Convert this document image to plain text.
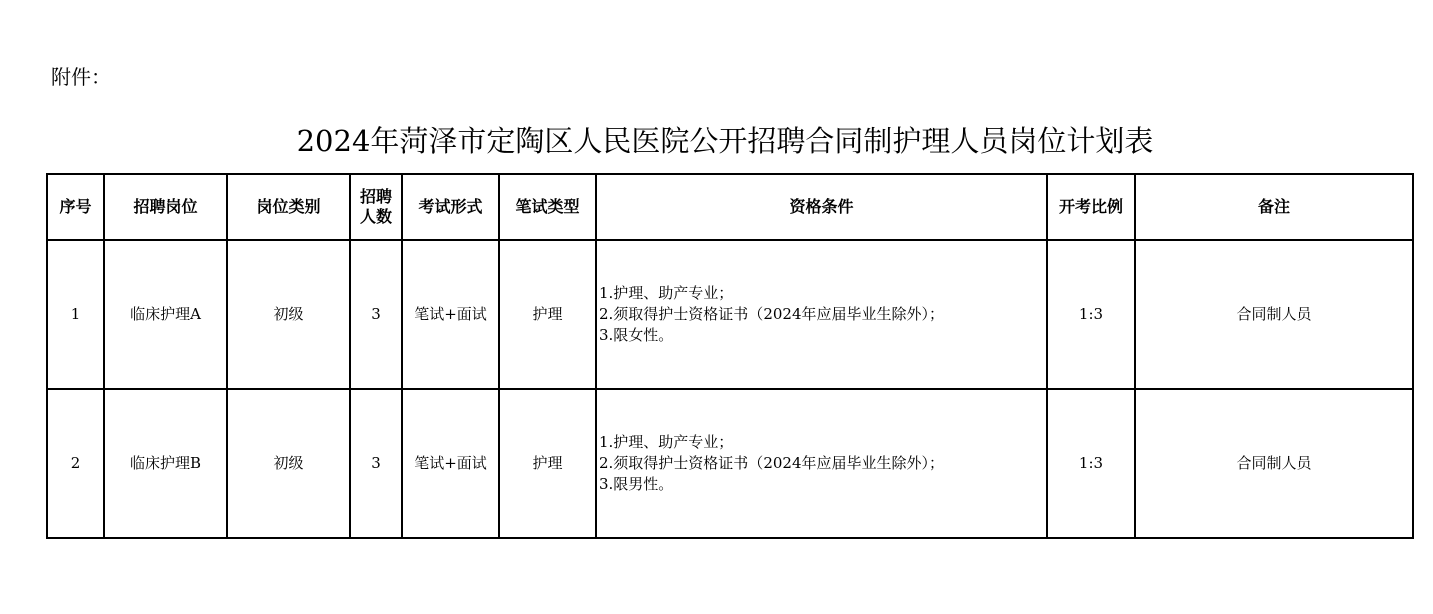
附件：
2024年菏泽市定陶区人民医院公开招聘合同制护理人员岗位计划表
序号	招聘岗位	岗位类别	招聘
人数	考试形式	笔试类型	资格条件	开考比例	备注
1	临床护理A	初级	3	笔试+面试	护理	1.护理、助产专业；
2.须取得护士资格证书（2024年应届毕业生除外）；
3.限女性。	1:3	合同制人员
2	临床护理B	初级	3	笔试+面试	护理	1.护理、助产专业；
2.须取得护士资格证书（2024年应届毕业生除外）；
3.限男性。	1:3	合同制人员
